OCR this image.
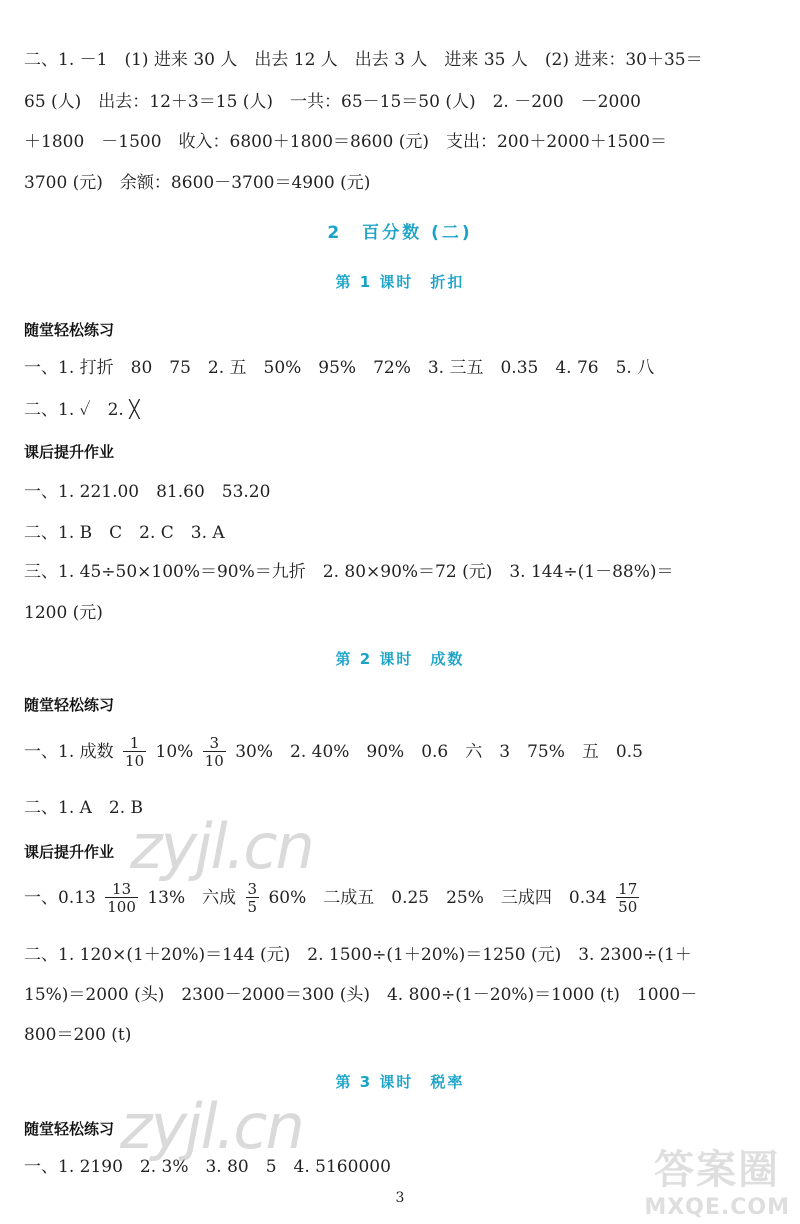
二、1. －1　(1) 进来 30 人　出去 12 人　出去 3 人　进来 35 人　(2) 进来：30＋35＝
65 (人)　出去：12＋3＝15 (人)　一共：65－15＝50 (人)　2. －200　－2000
＋1800　－1500　收入：6800＋1800＝8600 (元)　支出：200＋2000＋1500＝
3700 (元)　余额：8600－3700＝4900 (元)
2　百分数 (二)
第 1 课时　折扣
随堂轻松练习
一、1. 打折　80　75　2. 五　50%　95%　72%　3. 三五　0.35　4. 76　5. 八
二、1. ✓　2. ╳
课后提升作业
一、1. 221.00　81.60　53.20
二、1. B　C　2. C　3. A
三、1. 45÷50×100%＝90%＝九折　2. 80×90%＝72 (元)　3. 144÷(1－88%)＝
1200 (元)
第 2 课时　成数
随堂轻松练习
一、1. 成数 $\frac{1}{10} 10\% \frac{3}{10} 30\%$　2. 40%　90%　0.6　六　3　75%　五　0.5
二、1. A　2. B
课后提升作业
一、$0.13 \frac{13}{100} 13\%$　六成 $\frac{3}{5} 60\%$　二成五　0.25　25%　三成四　$0.34 \frac{17}{50}$
二、1. 120×(1＋20%)＝144 (元)　2. 1500÷(1＋20%)＝1250 (元)　3. 2300÷(1＋
15%)＝2000 (头)　2300－2000＝300 (头)　4. 800÷(1－20%)＝1000 (t)　1000－
800＝200 (t)
第 3 课时　税率
随堂轻松练习
一、1. 2190　2. 3%　3. 80　5　4. 5160000
3
zyjl.cn
zyjl.cn
答案圈
MXQE.COM
